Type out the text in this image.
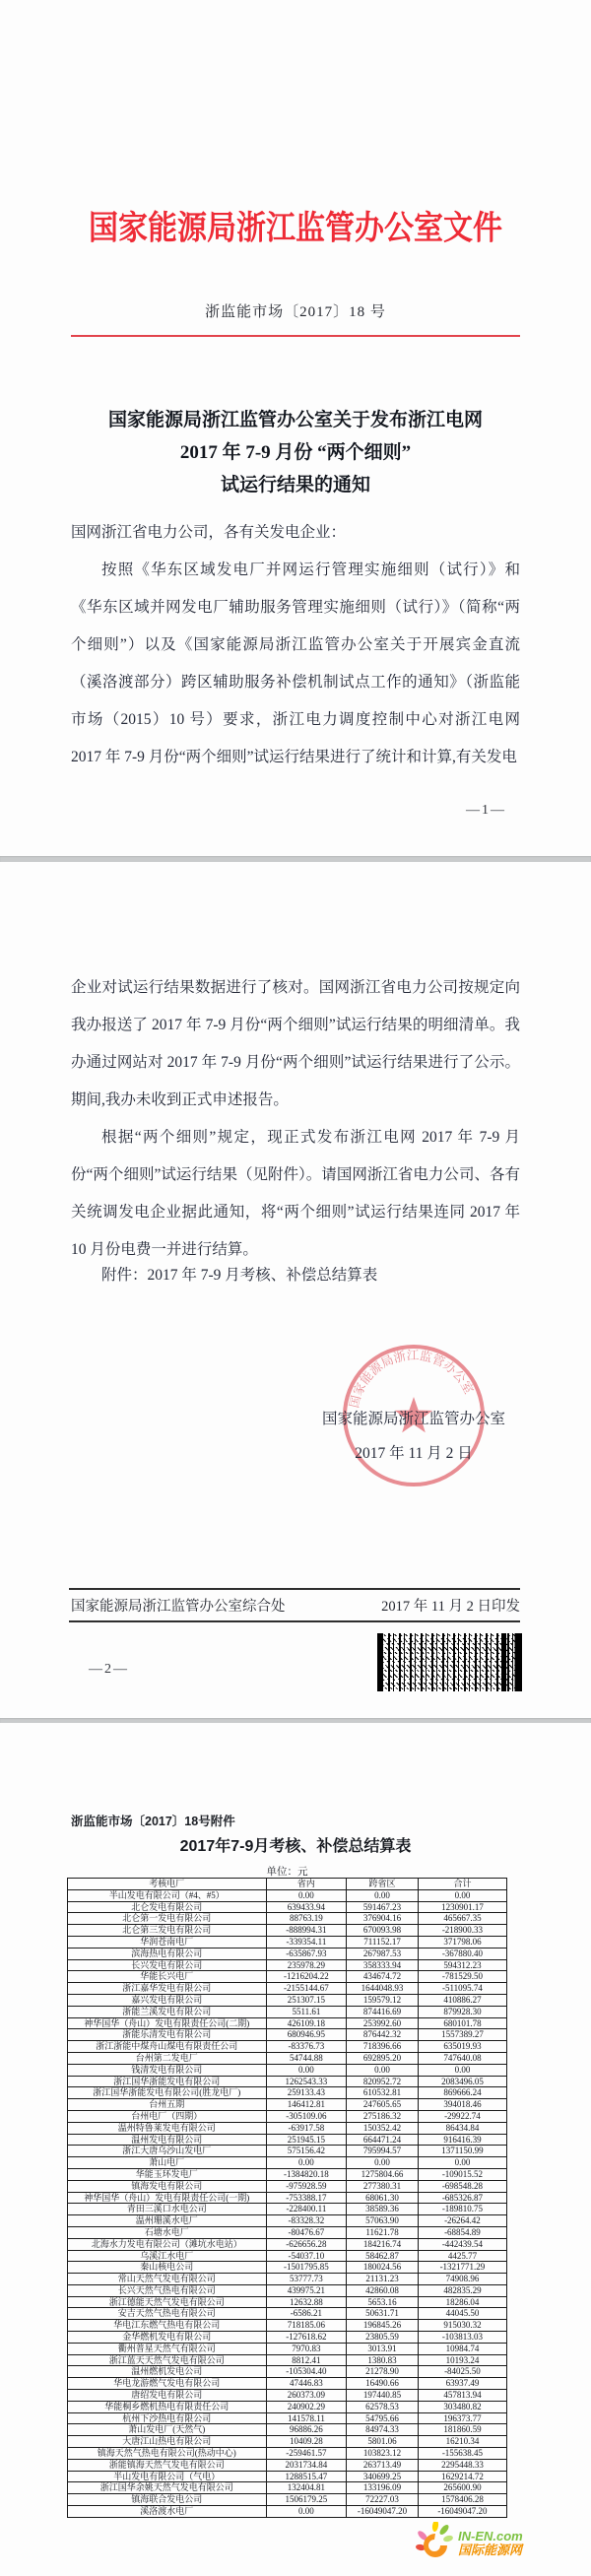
国家能源局浙江监管办公室文件
浙监能市场〔2017〕18 号
国家能源局浙江监管办公室关于发布浙江电网
2017 年 7-9 月份 “两个细则”
试运行结果的通知

国网浙江省电力公司，各有关发电企业：

按照《华东区域发电厂并网运行管理实施细则（试行）》和《华东区域并网发电厂辅助服务管理实施细则（试行）》（简称“两个细则”）以及《国家能源局浙江监管办公室关于开展宾金直流（溪洛渡部分）跨区辅助服务补偿机制试点工作的通知》（浙监能市场（2015）10 号）要求，浙江电力调度控制中心对浙江电网 2017 年 7-9 月份“两个细则”试运行结果进行了统计和计算,有关发电

—1—

企业对试运行结果数据进行了核对。国网浙江省电力公司按规定向我办报送了 2017 年 7-9 月份“两个细则”试运行结果的明细清单。我办通过网站对 2017 年 7-9 月份“两个细则”试运行结果进行了公示。期间,我办未收到正式申述报告。

根据“两个细则”规定，现正式发布浙江电网 2017 年 7-9 月份“两个细则”试运行结果（见附件）。请国网浙江省电力公司、各有关统调发电企业据此通知，将“两个细则”试运行结果连同 2017 年 10 月份电费一并进行结算。

附件：2017 年 7-9 月考核、补偿总结算表
国家能源局浙江监管办公室
国家能源局浙江监管办公室
2017 年 11 月 2 日
国家能源局浙江监管办公室综合处	2017 年 11 月 2 日印发
—2—
浙监能市场〔2017〕18号附件
2017年7-9月考核、补偿总结算表
单位：元
考核电厂	省内	跨省区	合计
半山发电有限公司（#4、#5）	0.00	0.00	0.00
北仑发电有限公司	639433.94	591467.23	1230901.17
北仑第一发电有限公司	88763.19	376904.16	465667.35
北仑第三发电有限公司	-888994.31	670093.98	-218900.33
华润苍南电厂	-339354.11	711152.17	371798.06
滨海热电有限公司	-635867.93	267987.53	-367880.40
长兴发电有限公司	235978.29	358333.94	594312.23
华能长兴电厂	-1216204.22	434674.72	-781529.50
浙江嘉华发电有限公司	-2155144.67	1644048.93	-511095.74
嘉兴发电有限公司	251307.15	159579.12	410886.27
浙能兰溪发电有限公司	5511.61	874416.69	879928.30
神华国华（舟山）发电有限责任公司(二期)	426109.18	253992.60	680101.78
浙能乐清发电有限公司	680946.95	876442.32	1557389.27
浙江浙能中煤舟山煤电有限责任公司	-83376.73	718396.66	635019.93
台州第二发电厂	54744.88	692895.20	747640.08
钱清发电有限公司	0.00	0.00	0.00
浙江国华浙能发电有限公司	1262543.33	820952.72	2083496.05
浙江国华浙能发电有限公司(胜龙电厂)	259133.43	610532.81	869666.24
台州五期	146412.81	247605.65	394018.46
台州电厂（四期）	-305109.06	275186.32	-29922.74
温州特鲁莱发电有限公司	-63917.58	150352.42	86434.84
温州发电有限公司	251945.15	664471.24	916416.39
浙江大唐乌沙山发电厂	575156.42	795994.57	1371150.99
萧山电厂	0.00	0.00	0.00
华能玉环发电厂	-1384820.18	1275804.66	-109015.52
镇海发电有限公司	-975928.59	277380.31	-698548.28
神华国华（舟山）发电有限责任公司(一期)	-753388.17	68061.30	-685326.87
青田三溪口水电公司	-228400.11	38589.36	-189810.75
温州珊溪水电厂	-83328.32	57063.90	-26264.42
石塘水电厂	-80476.67	11621.78	-68854.89
北海水力发电有限公司（滩坑水电站）	-626656.28	184216.74	-442439.54
乌溪江水电厂	-54037.10	58462.87	4425.77
秦山核电公司	-1501795.85	180024.56	-1321771.29
常山天然气发电有限公司	53777.73	21131.23	74908.96
长兴天然气热电有限公司	439975.21	42860.08	482835.29
浙江德能天然气发电有限公司	12632.88	5653.16	18286.04
安吉天然气热电有限公司	-6586.21	50631.71	44045.50
华电江东燃气热电有限公司	718185.06	196845.26	915030.32
金华燃机发电有限公司	-127618.62	23805.59	-103813.03
衢州普星天然气有限公司	7970.83	3013.91	10984.74
浙江蓝天天然气发电有限公司	8812.41	1380.83	10193.24
温州燃机发电公司	-105304.40	21278.90	-84025.50
华电龙游燃气发电有限公司	47446.83	16490.66	63937.49
唐绍发电有限公司	260373.09	197440.85	457813.94
华能桐乡燃机热电有限责任公司	240902.29	62578.53	303480.82
杭州下沙热电有限公司	141578.11	54795.66	196373.77
萧山发电厂(天然气)	96886.26	84974.33	181860.59
大唐江山热电有限公司	10409.28	5801.06	16210.34
镇海天然气热电有限公司(热动中心)	-259461.57	103823.12	-155638.45
浙能镇海天然气发电有限公司	2031734.84	263713.49	2295448.33
半山发电有限公司（气电）	1288515.47	340699.25	1629214.72
浙江国华余姚天然气发电有限公司	132404.81	133196.09	265600.90
镇海联合发电公司	1506179.25	72227.03	1578406.28
溪洛渡水电厂	0.00	-16049047.20	-16049047.20
IN-EN.com
国际能源网
